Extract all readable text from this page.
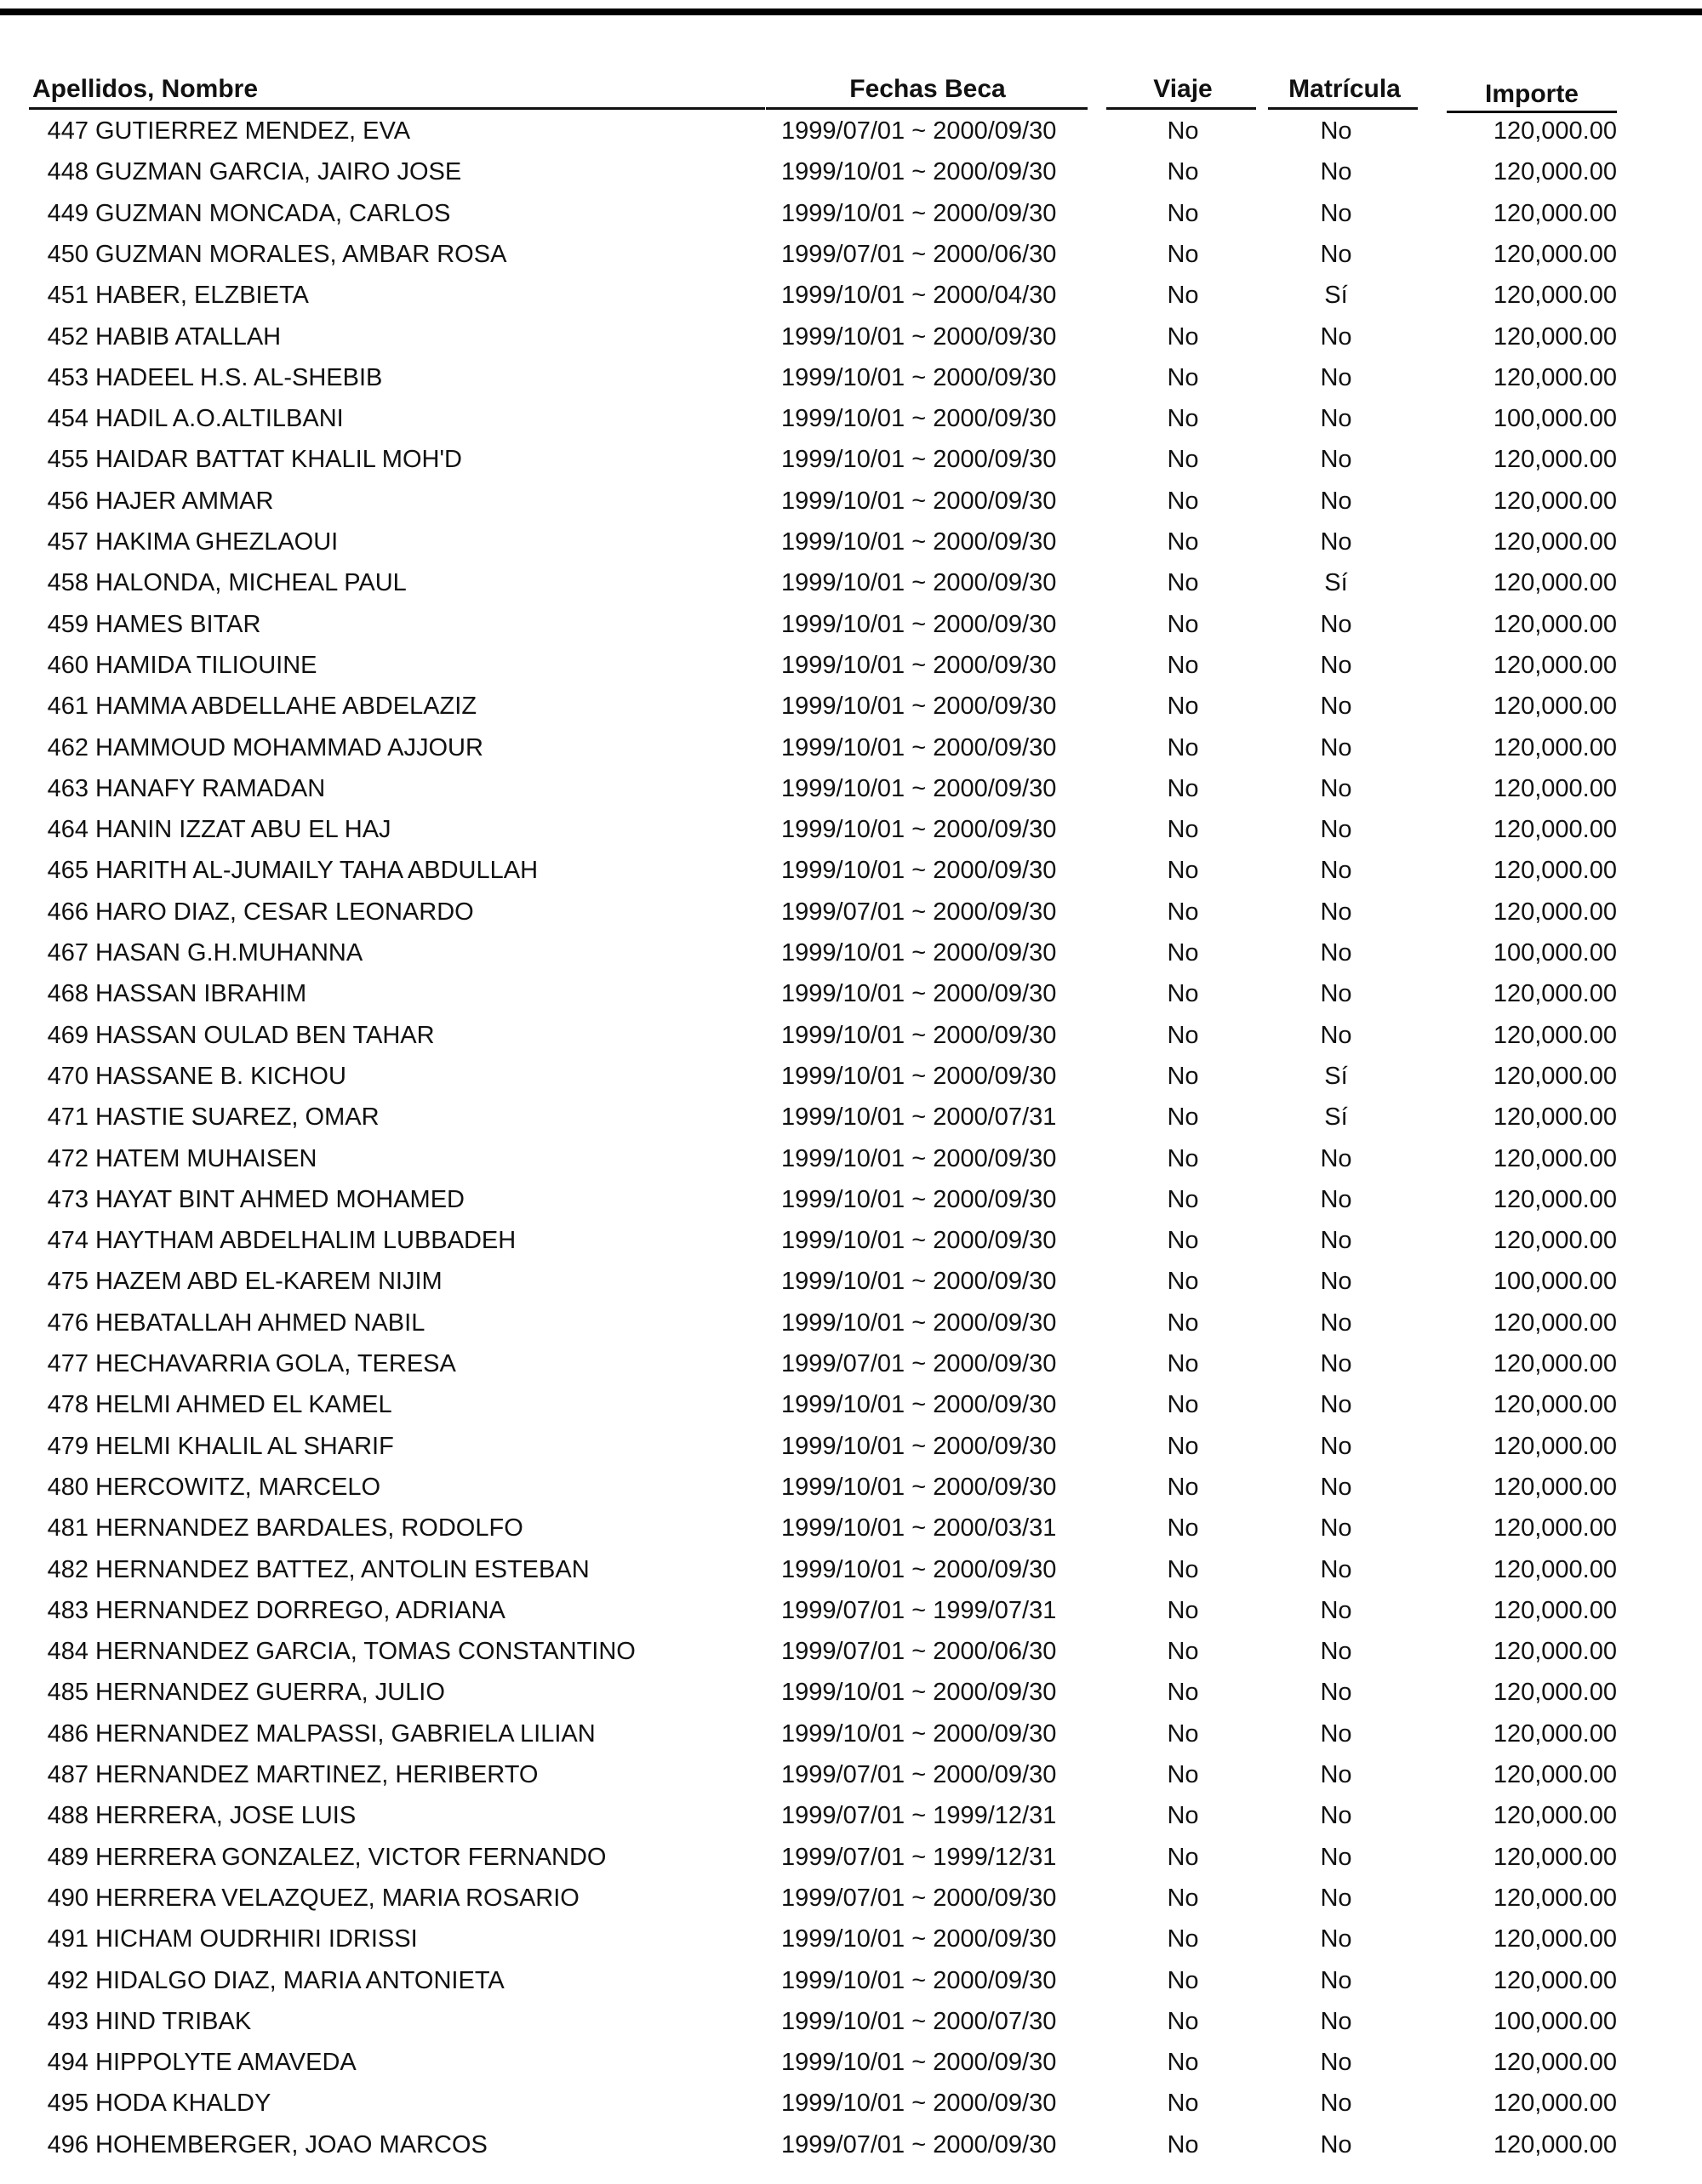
Apellidos, Nombre	Fechas Beca	Viaje	Matrícula	Importe
447 GUTIERREZ MENDEZ, EVA	1999/07/01 ~ 2000/09/30	No	No	120,000.00
448 GUZMAN GARCIA, JAIRO JOSE	1999/10/01 ~ 2000/09/30	No	No	120,000.00
449 GUZMAN MONCADA, CARLOS	1999/10/01 ~ 2000/09/30	No	No	120,000.00
450 GUZMAN MORALES, AMBAR ROSA	1999/07/01 ~ 2000/06/30	No	No	120,000.00
451 HABER, ELZBIETA	1999/10/01 ~ 2000/04/30	No	Sí	120,000.00
452 HABIB ATALLAH	1999/10/01 ~ 2000/09/30	No	No	120,000.00
453 HADEEL H.S. AL-SHEBIB	1999/10/01 ~ 2000/09/30	No	No	120,000.00
454 HADIL A.O.ALTILBANI	1999/10/01 ~ 2000/09/30	No	No	100,000.00
455 HAIDAR BATTAT KHALIL MOH'D	1999/10/01 ~ 2000/09/30	No	No	120,000.00
456 HAJER AMMAR	1999/10/01 ~ 2000/09/30	No	No	120,000.00
457 HAKIMA GHEZLAOUI	1999/10/01 ~ 2000/09/30	No	No	120,000.00
458 HALONDA, MICHEAL PAUL	1999/10/01 ~ 2000/09/30	No	Sí	120,000.00
459 HAMES BITAR	1999/10/01 ~ 2000/09/30	No	No	120,000.00
460 HAMIDA TILIOUINE	1999/10/01 ~ 2000/09/30	No	No	120,000.00
461 HAMMA ABDELLAHE ABDELAZIZ	1999/10/01 ~ 2000/09/30	No	No	120,000.00
462 HAMMOUD MOHAMMAD AJJOUR	1999/10/01 ~ 2000/09/30	No	No	120,000.00
463 HANAFY RAMADAN	1999/10/01 ~ 2000/09/30	No	No	120,000.00
464 HANIN IZZAT ABU EL HAJ	1999/10/01 ~ 2000/09/30	No	No	120,000.00
465 HARITH AL-JUMAILY TAHA ABDULLAH	1999/10/01 ~ 2000/09/30	No	No	120,000.00
466 HARO DIAZ, CESAR LEONARDO	1999/07/01 ~ 2000/09/30	No	No	120,000.00
467 HASAN G.H.MUHANNA	1999/10/01 ~ 2000/09/30	No	No	100,000.00
468 HASSAN IBRAHIM	1999/10/01 ~ 2000/09/30	No	No	120,000.00
469 HASSAN OULAD BEN TAHAR	1999/10/01 ~ 2000/09/30	No	No	120,000.00
470 HASSANE B. KICHOU	1999/10/01 ~ 2000/09/30	No	Sí	120,000.00
471 HASTIE SUAREZ, OMAR	1999/10/01 ~ 2000/07/31	No	Sí	120,000.00
472 HATEM MUHAISEN	1999/10/01 ~ 2000/09/30	No	No	120,000.00
473 HAYAT BINT AHMED MOHAMED	1999/10/01 ~ 2000/09/30	No	No	120,000.00
474 HAYTHAM ABDELHALIM LUBBADEH	1999/10/01 ~ 2000/09/30	No	No	120,000.00
475 HAZEM ABD EL-KAREM NIJIM	1999/10/01 ~ 2000/09/30	No	No	100,000.00
476 HEBATALLAH AHMED NABIL	1999/10/01 ~ 2000/09/30	No	No	120,000.00
477 HECHAVARRIA GOLA, TERESA	1999/07/01 ~ 2000/09/30	No	No	120,000.00
478 HELMI AHMED EL KAMEL	1999/10/01 ~ 2000/09/30	No	No	120,000.00
479 HELMI KHALIL AL SHARIF	1999/10/01 ~ 2000/09/30	No	No	120,000.00
480 HERCOWITZ, MARCELO	1999/10/01 ~ 2000/09/30	No	No	120,000.00
481 HERNANDEZ BARDALES, RODOLFO	1999/10/01 ~ 2000/03/31	No	No	120,000.00
482 HERNANDEZ BATTEZ, ANTOLIN ESTEBAN	1999/10/01 ~ 2000/09/30	No	No	120,000.00
483 HERNANDEZ DORREGO, ADRIANA	1999/07/01 ~ 1999/07/31	No	No	120,000.00
484 HERNANDEZ GARCIA, TOMAS CONSTANTINO	1999/07/01 ~ 2000/06/30	No	No	120,000.00
485 HERNANDEZ GUERRA, JULIO	1999/10/01 ~ 2000/09/30	No	No	120,000.00
486 HERNANDEZ MALPASSI, GABRIELA LILIAN	1999/10/01 ~ 2000/09/30	No	No	120,000.00
487 HERNANDEZ MARTINEZ, HERIBERTO	1999/07/01 ~ 2000/09/30	No	No	120,000.00
488 HERRERA, JOSE LUIS	1999/07/01 ~ 1999/12/31	No	No	120,000.00
489 HERRERA GONZALEZ, VICTOR FERNANDO	1999/07/01 ~ 1999/12/31	No	No	120,000.00
490 HERRERA VELAZQUEZ, MARIA ROSARIO	1999/07/01 ~ 2000/09/30	No	No	120,000.00
491 HICHAM OUDRHIRI IDRISSI	1999/10/01 ~ 2000/09/30	No	No	120,000.00
492 HIDALGO DIAZ, MARIA ANTONIETA	1999/10/01 ~ 2000/09/30	No	No	120,000.00
493 HIND TRIBAK	1999/10/01 ~ 2000/07/30	No	No	100,000.00
494 HIPPOLYTE AMAVEDA	1999/10/01 ~ 2000/09/30	No	No	120,000.00
495 HODA KHALDY	1999/10/01 ~ 2000/09/30	No	No	120,000.00
496 HOHEMBERGER, JOAO MARCOS	1999/07/01 ~ 2000/09/30	No	No	120,000.00
